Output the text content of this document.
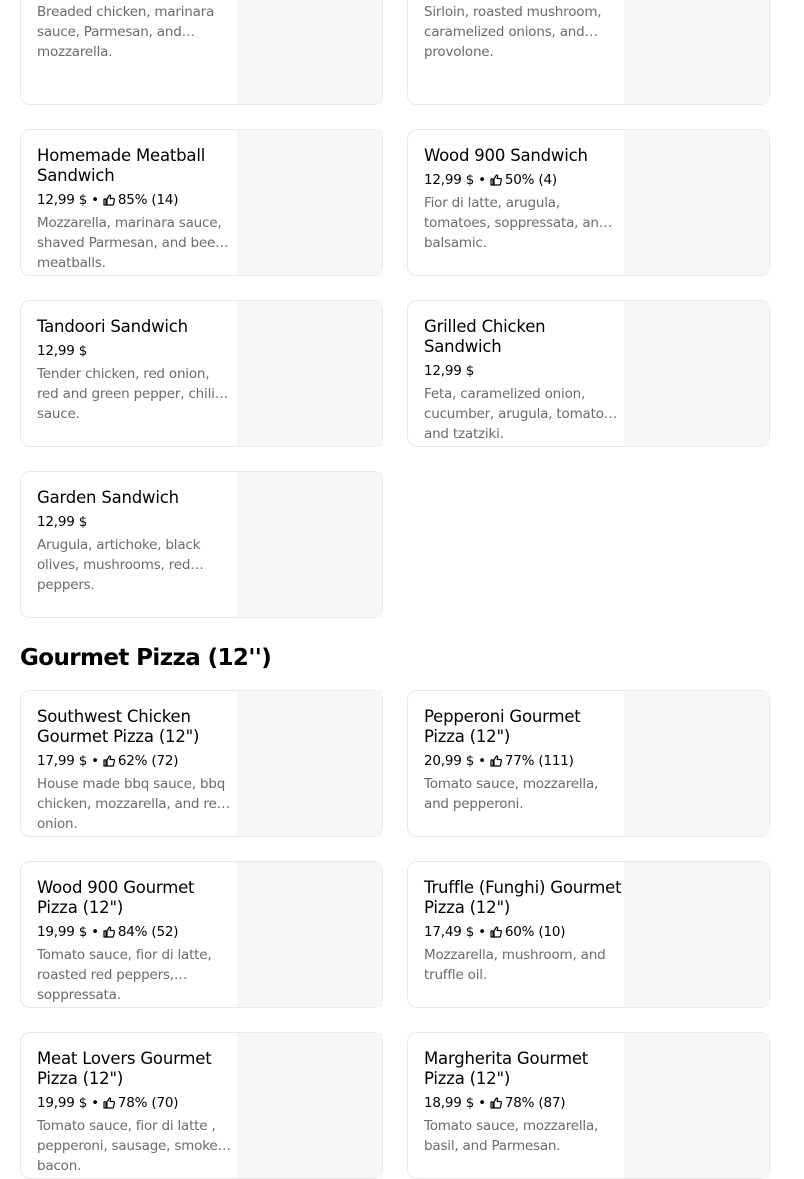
Breaded chicken, marinara sauce, Parmesan, and mozzarella.
Sirloin, roasted mushroom, caramelized onions, and provolone.
Homemade Meatball Sandwich
12,99 $ • 85% (14)
Mozzarella, marinara sauce, shaved Parmesan, and beef meatballs.
Wood 900 Sandwich
12,99 $ • 50% (4)
Fior di latte, arugula, tomatoes, soppressata, and balsamic.
Tandoori Sandwich
12,99 $
Tender chicken, red onion, red and green pepper, chili sauce.
Grilled Chicken Sandwich
12,99 $
Feta, caramelized onion, cucumber, arugula, tomato and tzatziki.
Garden Sandwich
12,99 $
Arugula, artichoke, black olives, mushrooms, red peppers.
Gourmet Pizza (12'')
Southwest Chicken Gourmet Pizza (12")
17,99 $ • 62% (72)
House made bbq sauce, bbq chicken, mozzarella, and red onion.
Pepperoni Gourmet Pizza (12")
20,99 $ • 77% (111)
Tomato sauce, mozzarella, and pepperoni.
Wood 900 Gourmet Pizza (12")
19,99 $ • 84% (52)
Tomato sauce, fior di latte, roasted red peppers, soppressata.
Truffle (Funghi) Gourmet Pizza (12")
17,49 $ • 60% (10)
Mozzarella, mushroom, and truffle oil.
Meat Lovers Gourmet Pizza (12")
19,99 $ • 78% (70)
Tomato sauce, fior di latte , pepperoni, sausage, smoked bacon.
Margherita Gourmet Pizza (12")
18,99 $ • 78% (87)
Tomato sauce, mozzarella, basil, and Parmesan.
